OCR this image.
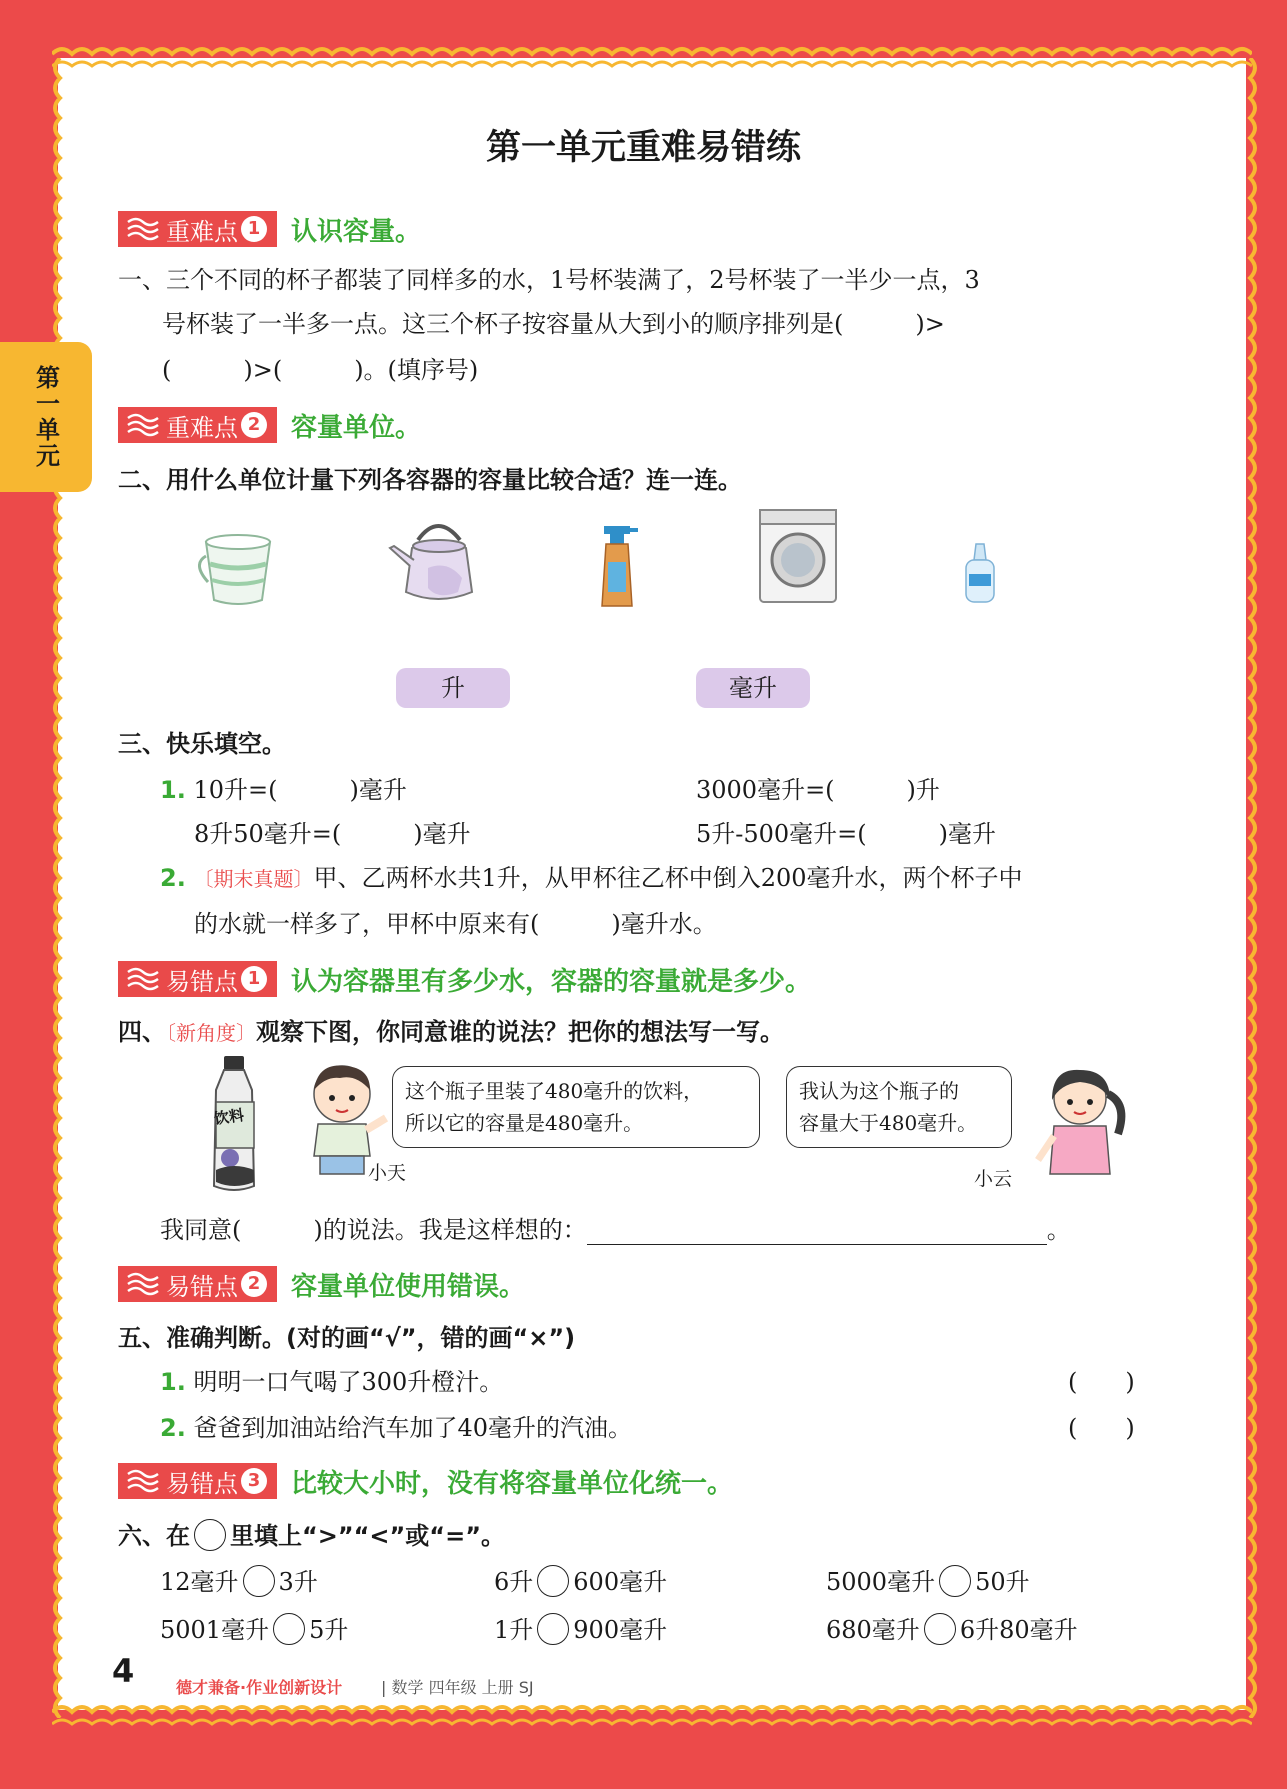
第一单元
第一单元重难易错练
重难点 1 认识容量。
一、三个不同的杯子都装了同样多的水，1号杯装满了，2号杯装了一半少一点，3
号杯装了一半多一点。这三个杯子按容量从大到小的顺序排列是(　　　)>
(　　　)>(　　　)。(填序号)
重难点 2 容量单位。
二、用什么单位计量下列各容器的容量比较合适？连一连。
升	毫升
三、快乐填空。
1. 10升=(　　　)毫升	3000毫升=(　　　)升
8升50毫升=(　　　)毫升	5升-500毫升=(　　　)毫升
2. 〔期末真题〕甲、乙两杯水共1升，从甲杯往乙杯中倒入200毫升水，两个杯子中
的水就一样多了，甲杯中原来有(　　　)毫升水。
易错点 1 认为容器里有多少水，容器的容量就是多少。
四、〔新角度〕观察下图，你同意谁的说法？把你的想法写一写。
饮料
小天
这个瓶子里装了480毫升的饮料，
所以它的容量是480毫升。
我认为这个瓶子的
容量大于480毫升。
小云
我同意(　　　)的说法。我是这样想的：	。
易错点 2 容量单位使用错误。
五、准确判断。(对的画“√”，错的画“×”)
1. 明明一口气喝了300升橙汁。	(　　)
2. 爸爸到加油站给汽车加了40毫升的汽油。	(　　)
易错点 3 比较大小时，没有将容量单位化统一。
六、在 里填上“>”“<”或“=”。
12毫升 3升	6升 600毫升	5000毫升 50升
5001毫升 5升	1升 900毫升	680毫升 6升80毫升
4	德才兼备·作业创新设计 | 数学 四年级 上册 SJ
